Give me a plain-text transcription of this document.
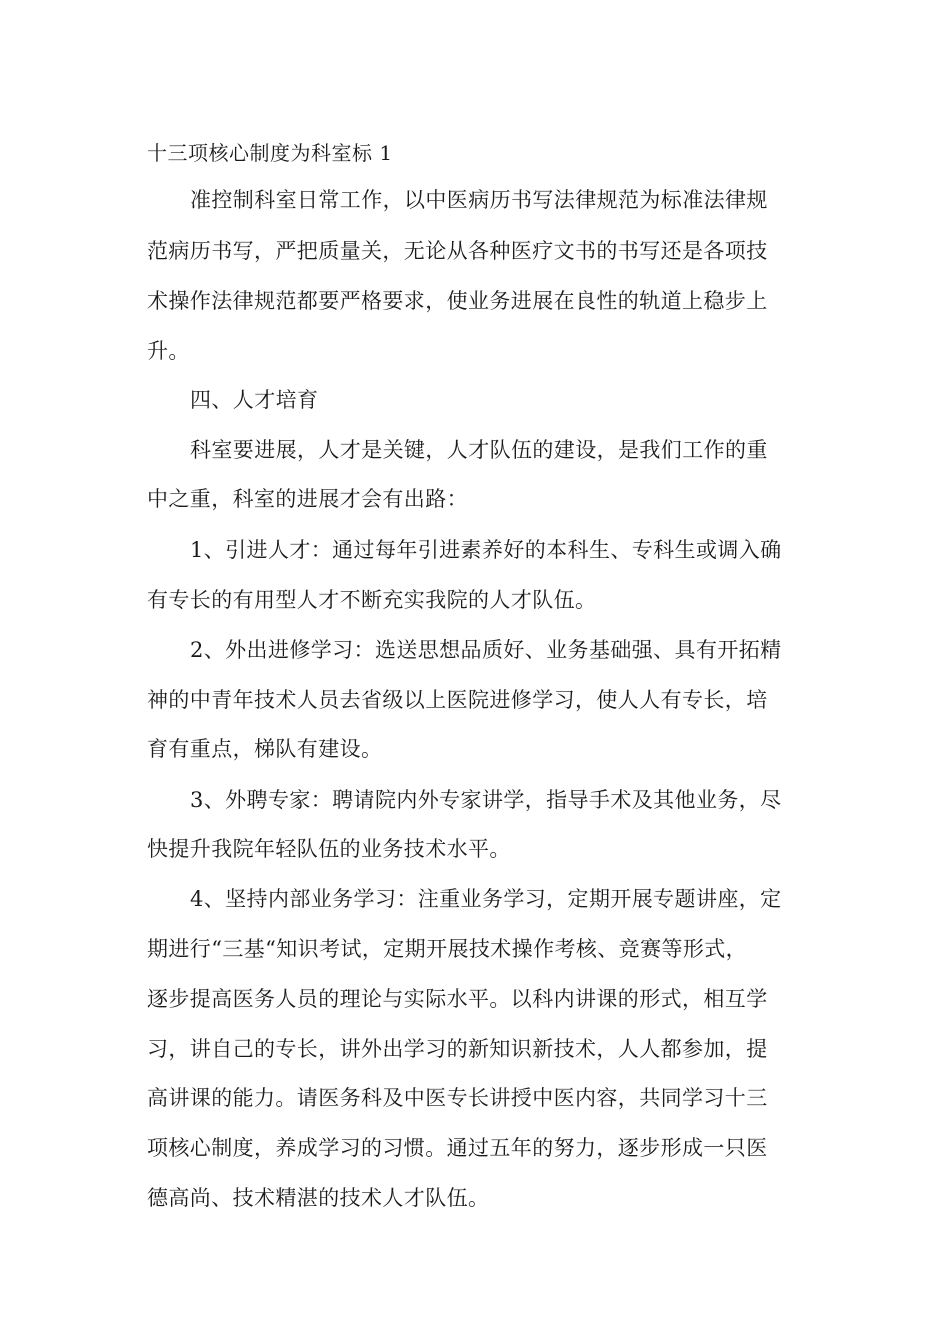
十三项核心制度为科室标 1
准控制科室日常工作，以中医病历书写法律规范为标准法律规
范病历书写，严把质量关，无论从各种医疗文书的书写还是各项技
术操作法律规范都要严格要求，使业务进展在良性的轨道上稳步上
升。
四、人才培育
科室要进展，人才是关键，人才队伍的建设，是我们工作的重
中之重，科室的进展才会有出路：
1、引进人才：通过每年引进素养好的本科生、专科生或调入确
有专长的有用型人才不断充实我院的人才队伍。
2、外出进修学习：选送思想品质好、业务基础强、具有开拓精
神的中青年技术人员去省级以上医院进修学习，使人人有专长，培
育有重点，梯队有建设。
3、外聘专家：聘请院内外专家讲学，指导手术及其他业务，尽
快提升我院年轻队伍的业务技术水平。
4、坚持内部业务学习：注重业务学习，定期开展专题讲座，定
期进行“三基“知识考试，定期开展技术操作考核、竞赛等形式，
逐步提高医务人员的理论与实际水平。以科内讲课的形式，相互学
习，讲自己的专长，讲外出学习的新知识新技术，人人都参加，提
高讲课的能力。请医务科及中医专长讲授中医内容，共同学习十三
项核心制度，养成学习的习惯。通过五年的努力，逐步形成一只医
德高尚、技术精湛的技术人才队伍。
